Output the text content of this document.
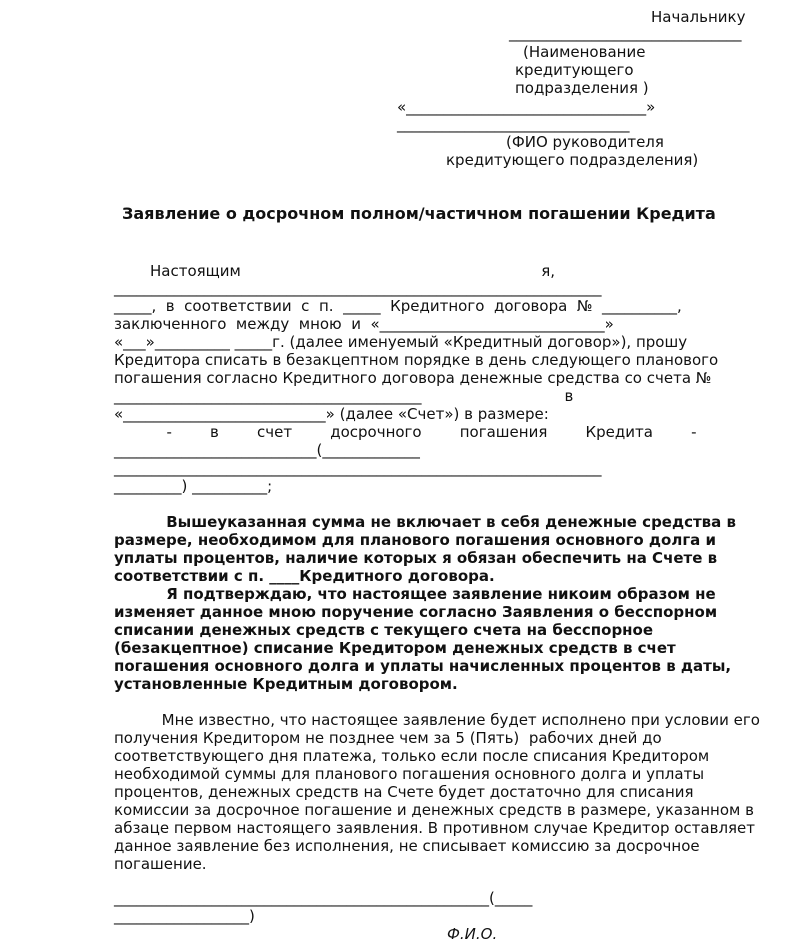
Начальнику
_______________________________
(Наименование
кредитующего
подразделения )
«________________________________»
_______________________________
(ФИО руководителя
кредитующего подразделения)
Заявление о досрочном полном/частичном погашении Кредита
Настоящим                                                               я,
_________________________________________________________________
_____,  в  соответствии  с  п.  _____  Кредитного  договора  №  __________,
заключенного  между  мною  и  «______________________________»
«___»__________ _____г. (далее именуемый «Кредитный договор»), прошу
Кредитора списать в безакцептном порядке в день следующего планового
погашения согласно Кредитного договора денежные средства со счета №
_________________________________________                              в
«___________________________» (далее «Счет») в размере:
-        в        счет        досрочного        погашения        Кредита        -
___________________________(_____________
_________________________________________________________________
_________) __________;
Вышеуказанная сумма не включает в себя денежные средства в
размере, необходимом для планового погашения основного долга и
уплаты процентов, наличие которых я обязан обеспечить на Счете в
соответствии с п. ____Кредитного договора.
Я подтверждаю, что настоящее заявление никоим образом не
изменяет данное мною поручение согласно Заявления о бесспорном
списании денежных средств с текущего счета на бесспорное
(безакцептное) списание Кредитором денежных средств в счет
погашения основного долга и уплаты начисленных процентов в даты,
установленные Кредитным договором.
Мне известно, что настоящее заявление будет исполнено при условии его
получения Кредитором не позднее чем за 5 (Пять)  рабочих дней до
соответствующего дня платежа, только если после списания Кредитором
необходимой суммы для планового погашения основного долга и уплаты
процентов, денежных средств на Счете будет достаточно для списания
комиссии за досрочное погашение и денежных средств в размере, указанном в
абзаце первом настоящего заявления. В противном случае Кредитор оставляет
данное заявление без исполнения, не списывает комиссию за досрочное
погашение.
__________________________________________________(_____
__________________)
Ф.И.О.
